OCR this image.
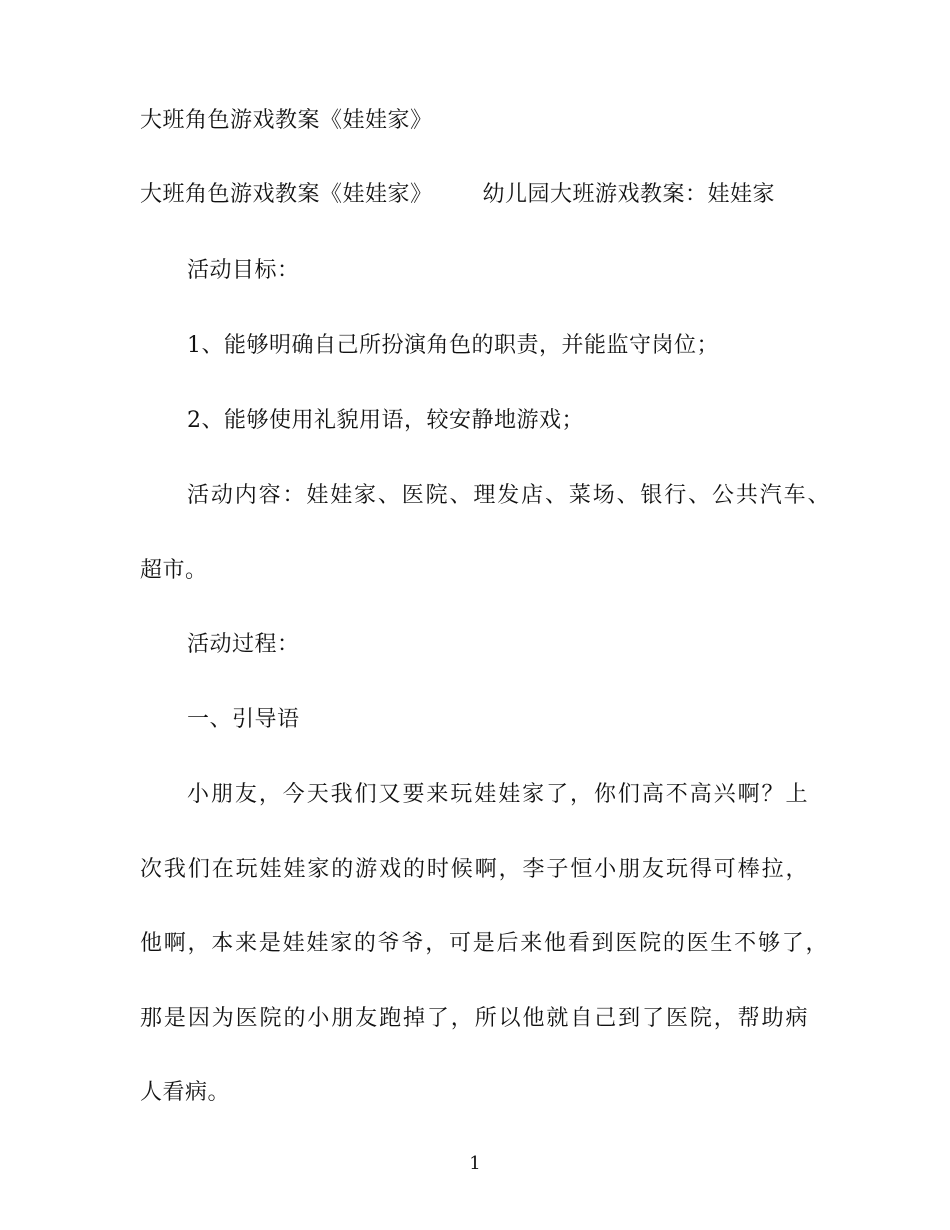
大班角色游戏教案《娃娃家》
大班角色游戏教案《娃娃家》 幼儿园大班游戏教案：娃娃家
活动目标：
1、能够明确自己所扮演角色的职责，并能监守岗位；
2、能够使用礼貌用语，较安静地游戏；
活动内容：娃娃家、医院、理发店、菜场、银行、公共汽车、
超市。
活动过程：
一、引导语
小朋友，今天我们又要来玩娃娃家了，你们高不高兴啊？上
次我们在玩娃娃家的游戏的时候啊，李子恒小朋友玩得可棒拉，
他啊，本来是娃娃家的爷爷，可是后来他看到医院的医生不够了，
那是因为医院的小朋友跑掉了，所以他就自己到了医院，帮助病
人看病。
1
